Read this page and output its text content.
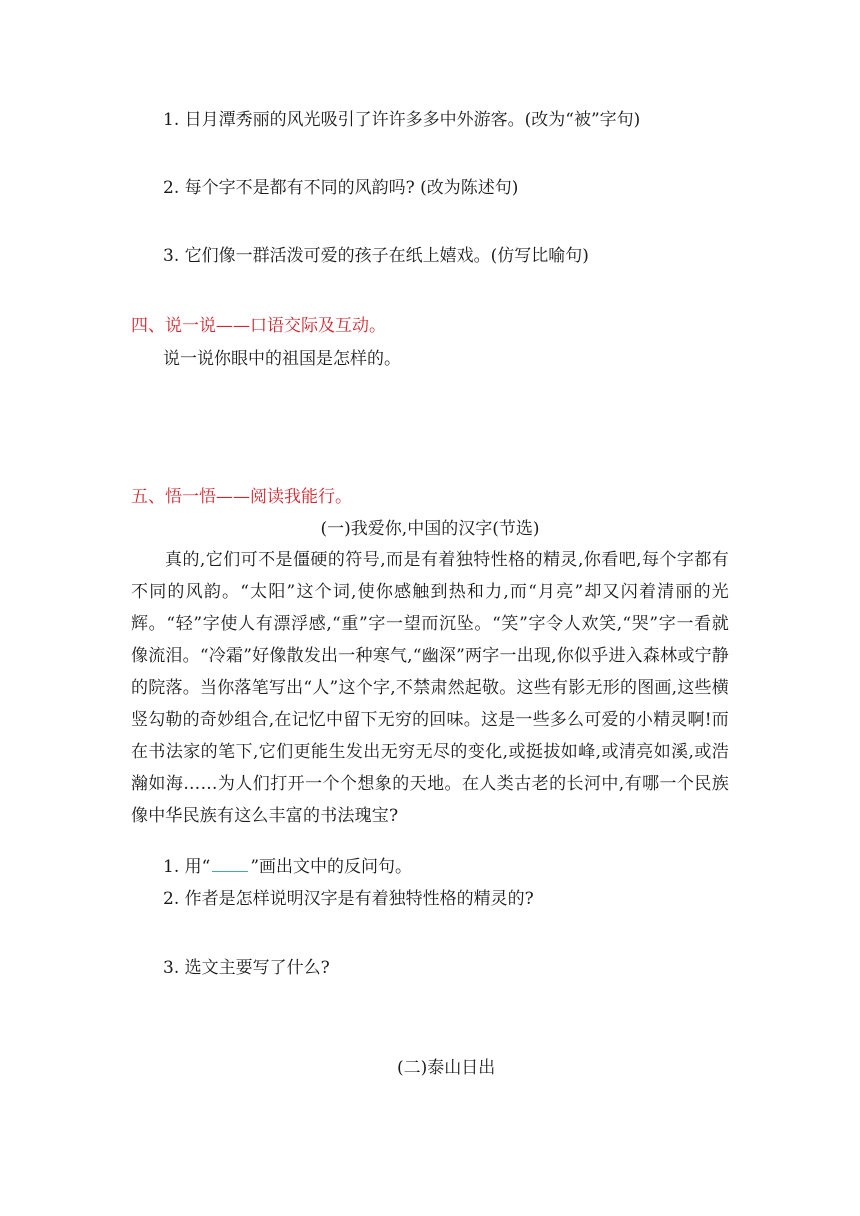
1. 日月潭秀丽的风光吸引了许许多多中外游客。(改为“被”字句)
2. 每个字不是都有不同的风韵吗? (改为陈述句)
3. 它们像一群活泼可爱的孩子在纸上嬉戏。(仿写比喻句)
四、说一说——口语交际及互动。
说一说你眼中的祖国是怎样的。
五、悟一悟——阅读我能行。
(一)我爱你,中国的汉字(节选)
真的,它们可不是僵硬的符号,而是有着独特性格的精灵,你看吧,每个字都有不同的风韵。“太阳”这个词,使你感触到热和力,而“月亮”却又闪着清丽的光辉。“轻”字使人有漂浮感,“重”字一望而沉坠。“笑”字令人欢笑,“哭”字一看就像流泪。“冷霜”好像散发出一种寒气,“幽深”两字一出现,你似乎进入森林或宁静的院落。当你落笔写出“人”这个字,不禁肃然起敬。这些有影无形的图画,这些横竖勾勒的奇妙组合,在记忆中留下无穷的回味。这是一些多么可爱的小精灵啊!而在书法家的笔下,它们更能生发出无穷无尽的变化,或挺拔如峰,或清亮如溪,或浩瀚如海……为人们打开一个个想象的天地。在人类古老的长河中,有哪一个民族像中华民族有这么丰富的书法瑰宝?
1. 用“ ”画出文中的反问句。
2. 作者是怎样说明汉字是有着独特性格的精灵的?
3. 选文主要写了什么?
(二)泰山日出
